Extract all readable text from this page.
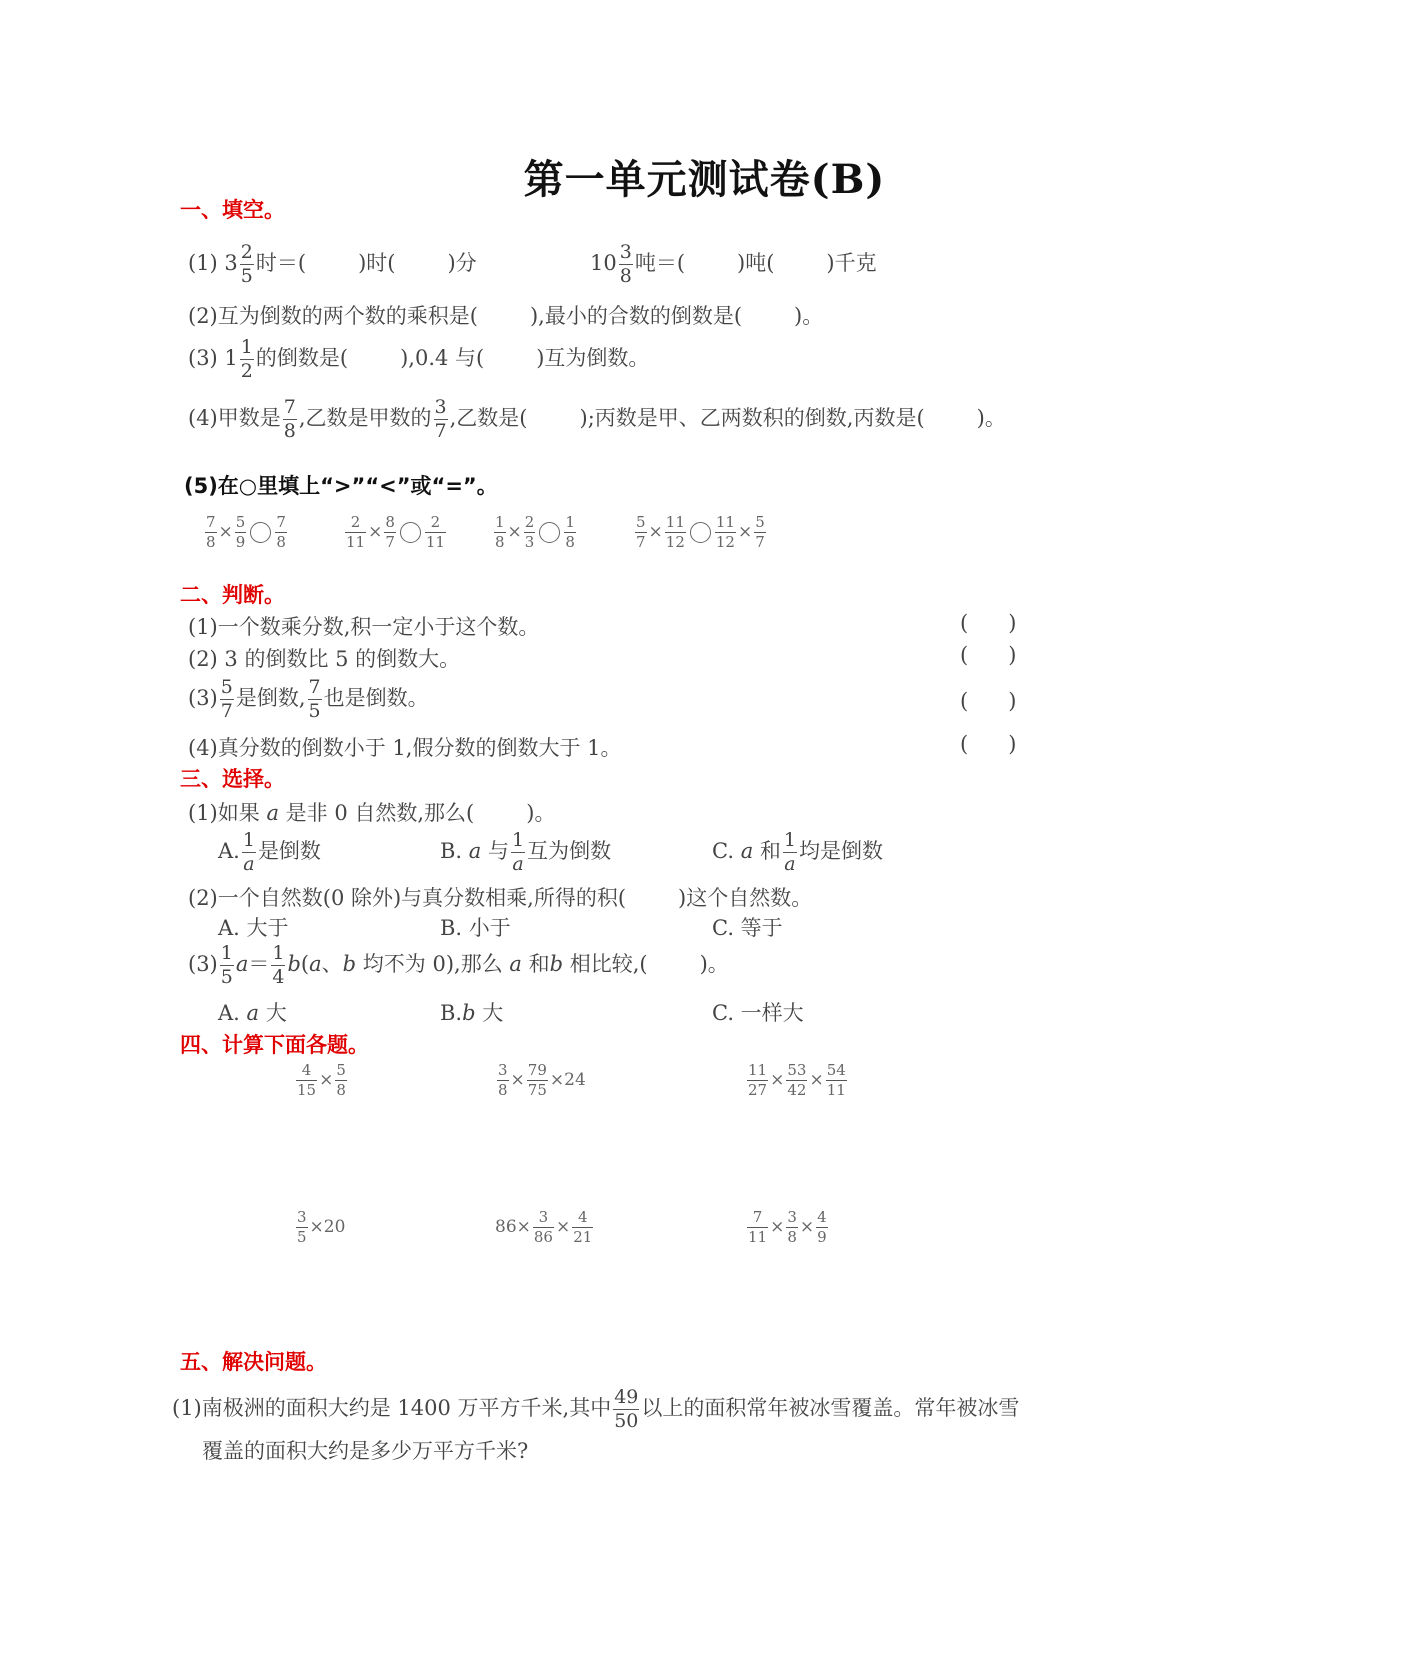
第一单元测试卷(B)
一、填空。
(1) $3 \frac{2}{5}$ 时＝( )时( )分	$10 \frac{3}{8}$ 吨＝( )吨( )千克
(2)互为倒数的两个数的乘积是( ),最小的合数的倒数是( )。
(3) $1 \frac{1}{2}$ 的倒数是( ),0.4 与( )互为倒数。
(4)甲数是 $\frac{7}{8}$ ,乙数是甲数的 $\frac{3}{7}$ ,乙数是( );丙数是甲、乙两数积的倒数,丙数是( )。
(5)在○里填上“>”“<”或“=”。
$\frac{7}{8} \times \frac{5}{9} \frac{7}{8}$	$\frac{2}{11} \times \frac{8}{7} \frac{2}{11}$	$\frac{1}{8} \times \frac{2}{3} \frac{1}{8}$	$\frac{5}{7} \times \frac{11}{12} \frac{11}{12} \times \frac{5}{7}$
二、判断。
(1)一个数乘分数,积一定小于这个数。	( )
(2) 3 的倒数比 5 的倒数大。	( )
$(3) \frac{5}{7}$ 是倒数, $\frac{7}{5}$ 也是倒数。	( )
(4)真分数的倒数小于 1,假分数的倒数大于 1。	( )
三、选择。
(1)如果 a 是非 0 自然数,那么( )。
A. $\frac{1}{a}$ 是倒数	B. a 与 $\frac{1}{a}$ 互为倒数	C. a 和 $\frac{1}{a}$ 均是倒数
(2)一个自然数(0 除外)与真分数相乘,所得的积( )这个自然数。
A. 大于	B. 小于	C. 等于
$(3) \frac{1}{5} a= \frac{1}{4} b(a$、b 均不为 0),那么 a 和b 相比较,( )。
A. a 大	B.b 大	C. 一样大
四、计算下面各题。
$\frac{4}{15} \times \frac{5}{8}$	$\frac{3}{8} \times \frac{79}{75} \times 24$	$\frac{11}{27} \times \frac{53}{42} \times \frac{54}{11}$
$\frac{3}{5} \times 20$	$86\times \frac{3}{86} \times \frac{4}{21}$	$\frac{7}{11} \times \frac{3}{8} \times \frac{4}{9}$
五、解决问题。
(1)南极洲的面积大约是 1400 万平方千米,其中 $\frac{49}{50}$ 以上的面积常年被冰雪覆盖。常年被冰雪
覆盖的面积大约是多少万平方千米?
